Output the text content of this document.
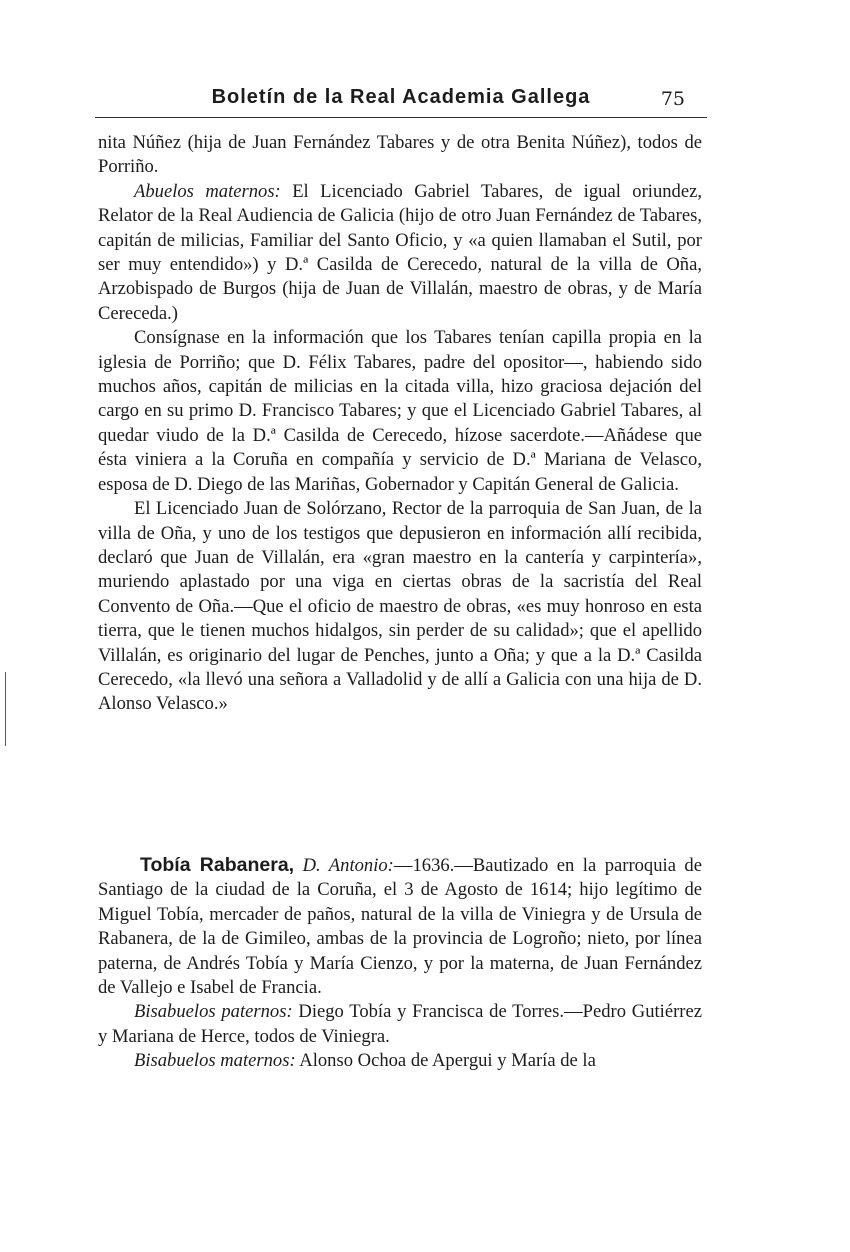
Boletín de la Real Academia Gallega	75

nita Núñez (hija de Juan Fernández Tabares y de otra Benita Núñez), todos de Porriño.

Abuelos maternos: El Licenciado Gabriel Tabares, de igual oriundez, Relator de la Real Audiencia de Galicia (hijo de otro Juan Fernández de Tabares, capitán de milicias, Familiar del Santo Oficio, y «a quien llamaban el Sutil, por ser muy entendido») y D.ª Casilda de Cerecedo, natural de la villa de Oña, Arzobispado de Burgos (hija de Juan de Villalán, maestro de obras, y de María Cereceda.)

Consígnase en la información que los Tabares tenían capilla propia en la iglesia de Porriño; que D. Félix Tabares, padre del opositor—, habiendo sido muchos años, capitán de milicias en la citada villa, hizo graciosa dejación del cargo en su primo D. Francisco Tabares; y que el Licenciado Gabriel Tabares, al quedar viudo de la D.ª Casilda de Cerecedo, hízose sacerdote.—Añádese que ésta viniera a la Coruña en compañía y servicio de D.ª Mariana de Velasco, esposa de D. Diego de las Mariñas, Gobernador y Capitán General de Galicia.

El Licenciado Juan de Solórzano, Rector de la parroquia de San Juan, de la villa de Oña, y uno de los testigos que depusieron en información allí recibida, declaró que Juan de Villalán, era «gran maestro en la cantería y carpintería», muriendo aplastado por una viga en ciertas obras de la sacristía del Real Convento de Oña.—Que el oficio de maestro de obras, «es muy honroso en esta tierra, que le tienen muchos hidalgos, sin perder de su calidad»; que el apellido Villalán, es originario del lugar de Penches, junto a Oña; y que a la D.ª Casilda Cerecedo, «la llevó una señora a Valladolid y de allí a Galicia con una hija de D. Alonso Velasco.»

Tobía Rabanera, D. Antonio:—1636.—Bautizado en la parroquia de Santiago de la ciudad de la Coruña, el 3 de Agosto de 1614; hijo legítimo de Miguel Tobía, mercader de paños, natural de la villa de Viniegra y de Ursula de Rabanera, de la de Gimileo, ambas de la provincia de Logroño; nieto, por línea paterna, de Andrés Tobía y María Cienzo, y por la materna, de Juan Fernández de Vallejo e Isabel de Francia.

Bisabuelos paternos: Diego Tobía y Francisca de Torres.—Pedro Gutiérrez y Mariana de Herce, todos de Viniegra.

Bisabuelos maternos: Alonso Ochoa de Apergui y María de la
